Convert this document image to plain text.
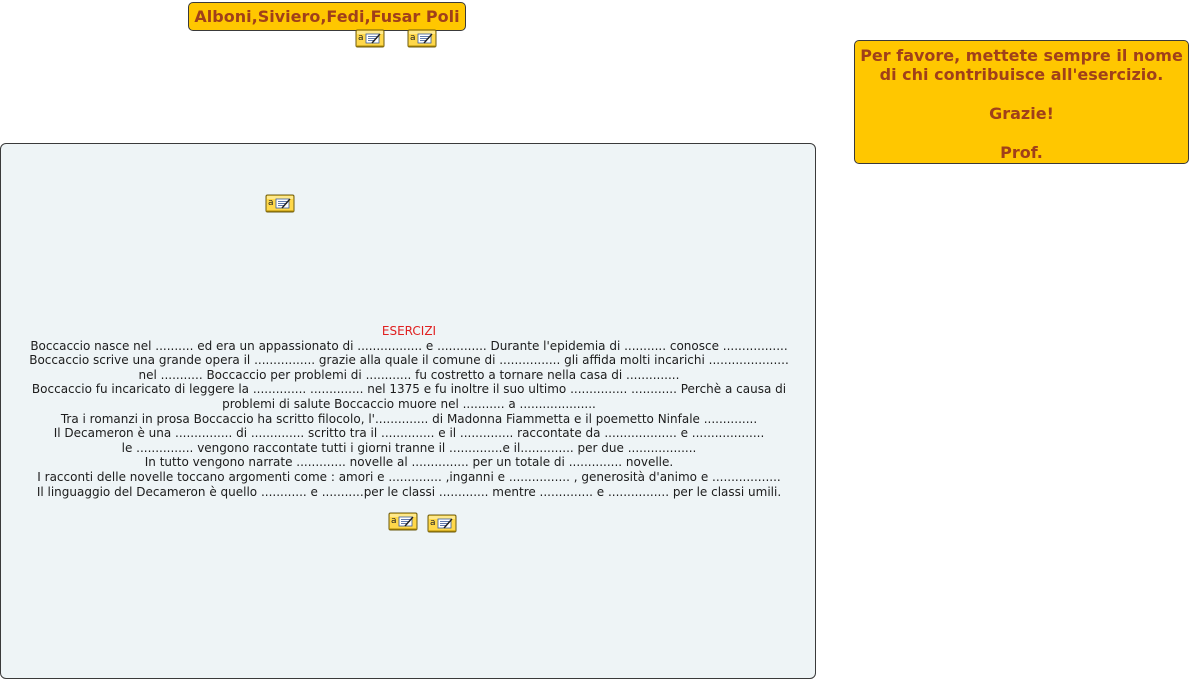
Alboni,Siviero,Fedi,Fusar Poli
Per favore, mettete sempre il nome
di chi contribuisce all'esercizio.
Grazie!
Prof.
ESERCIZI
Boccaccio nasce nel .......... ed era un appassionato di ................. e ............. Durante l'epidemia di ........... conosce .................
Boccaccio scrive una grande opera il ................ grazie alla quale il comune di ................ gli affida molti incarichi .....................
nel ........... Boccaccio per problemi di ............ fu costretto a tornare nella casa di ..............
Boccaccio fu incaricato di leggere la .............. .............. nel 1375 e fu inoltre il suo ultimo ............... ............ Perchè a causa di
problemi di salute Boccaccio muore nel ........... a ....................
Tra i romanzi in prosa Boccaccio ha scritto filocolo, l'.............. di Madonna Fiammetta e il poemetto Ninfale ..............
Il Decameron è una ............... di .............. scritto tra il .............. e il .............. raccontate da ................... e ...................
le ............... vengono raccontate tutti i giorni tranne il ..............e il.............. per due ..................
In tutto vengono narrate ............. novelle al ............... per un totale di .............. novelle.
I racconti delle novelle toccano argomenti come : amori e .............. ,inganni e ................ , generosità d'animo e ..................
Il linguaggio del Decameron è quello ............ e ...........per le classi ............. mentre .............. e ................ per le classi umili.
